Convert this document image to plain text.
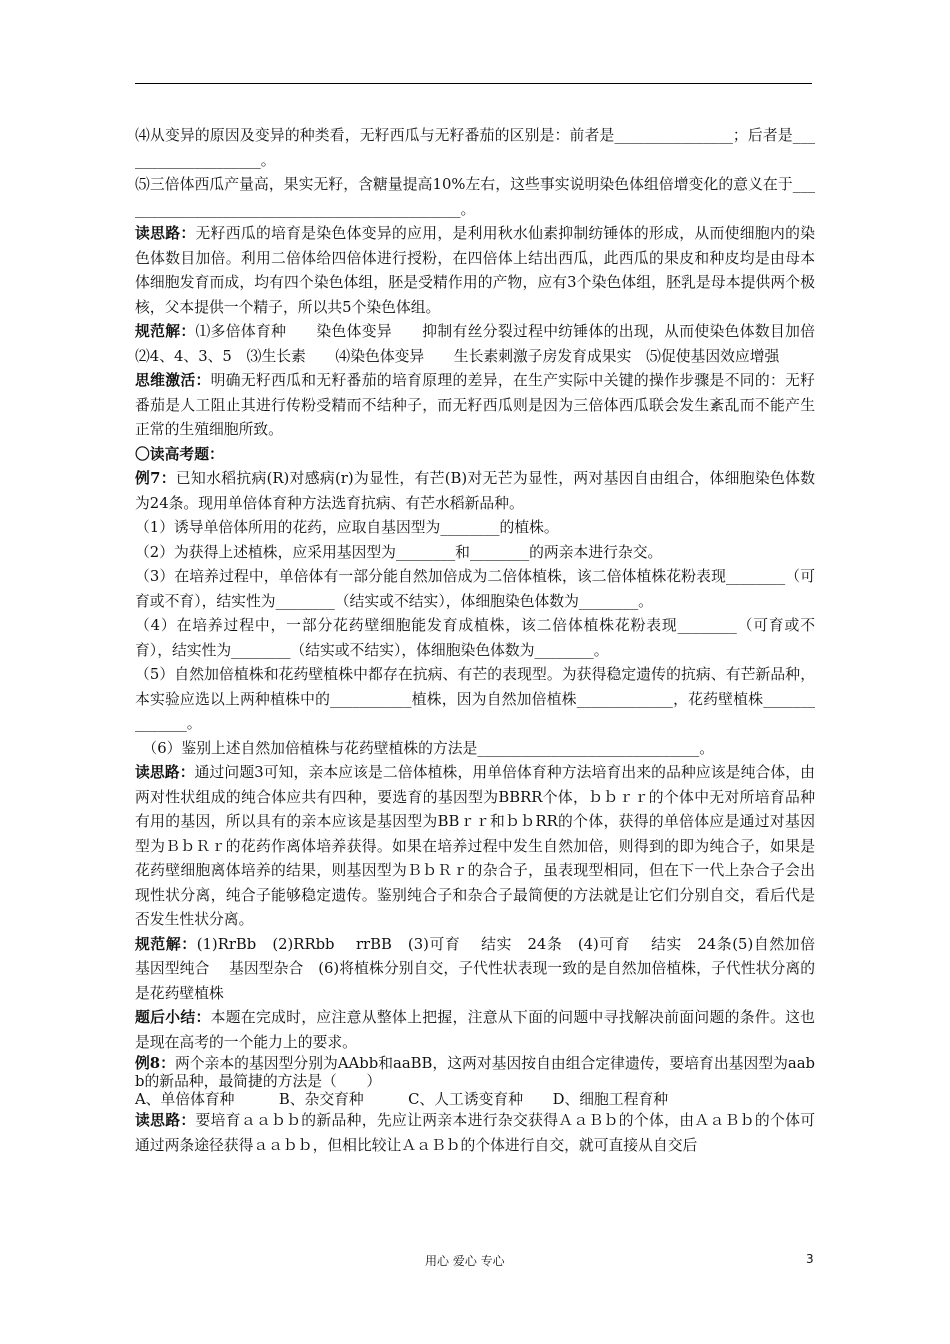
⑷从变异的原因及变异的种类看，无籽西瓜与无籽番茄的区别是：前者是________________；后者是____________________。

⑸三倍体西瓜产量高，果实无籽，含糖量提高10%左右，这些事实说明染色体组倍增变化的意义在于_______________________________________________。

读思路：无籽西瓜的培育是染色体变异的应用，是利用秋水仙素抑制纺锤体的形成，从而使细胞内的染色体数目加倍。利用二倍体给四倍体进行授粉，在四倍体上结出西瓜，此西瓜的果皮和种皮均是由母本体细胞发育而成，均有四个染色体组，胚是受精作用的产物，应有3个染色体组，胚乳是母本提供两个极核，父本提供一个精子，所以共5个染色体组。

规范解：⑴多倍体育种　　染色体变异　　抑制有丝分裂过程中纺锤体的出现，从而使染色体数目加倍　　⑵4、4、3、5　⑶生长素　　⑷染色体变异　　生长素刺激子房发育成果实　⑸促使基因效应增强

思维激活：明确无籽西瓜和无籽番茄的培育原理的差异，在生产实际中关键的操作步骤是不同的：无籽番茄是人工阻止其进行传粉受精而不结种子，而无籽西瓜则是因为三倍体西瓜联会发生紊乱而不能产生正常的生殖细胞所致。

〇读高考题：

例7：已知水稻抗病(R)对感病(r)为显性，有芒(B)对无芒为显性，两对基因自由组合，体细胞染色体数为24条。现用单倍体育种方法选育抗病、有芒水稻新品种。

（1）诱导单倍体所用的花药，应取自基因型为________的植株。

（2）为获得上述植株，应采用基因型为________和________的两亲本进行杂交。

（3）在培养过程中，单倍体有一部分能自然加倍成为二倍体植株，该二倍体植株花粉表现________（可育或不育），结实性为________（结实或不结实），体细胞染色体数为________。

（4）在培养过程中，一部分花药壁细胞能发育成植株，该二倍体植株花粉表现________（可育或不育），结实性为________（结实或不结实），体细胞染色体数为________。

（5）自然加倍植株和花药壁植株中都存在抗病、有芒的表现型。为获得稳定遗传的抗病、有芒新品种，本实验应选以上两种植株中的___________植株，因为自然加倍植株_____________，花药壁植株______________。

　（6）鉴别上述自然加倍植株与花药壁植株的方法是______________________________。

读思路：通过问题3可知，亲本应该是二倍体植株，用单倍体育种方法培育出来的品种应该是纯合体，由两对性状组成的纯合体应共有四种，要选育的基因型为BBRR个体，ｂｂｒｒ的个体中无对所培育品种有用的基因，所以具有的亲本应该是基因型为BBｒｒ和ｂｂRR的个体，获得的单倍体应是通过对基因型为ＢｂＲｒ的花药作离体培养获得。如果在培养过程中发生自然加倍，则得到的即为纯合子，如果是花药壁细胞离体培养的结果，则基因型为ＢｂＲｒ的杂合子，虽表现型相同，但在下一代上杂合子会出现性状分离，纯合子能够稳定遗传。鉴别纯合子和杂合子最简便的方法就是让它们分别自交，看后代是否发生性状分离。

规范解：(1)RrBb　(2)RRbb　 rrBB　(3)可育　 结实　24条　(4)可育　 结实　24条(5)自然加倍　 基因型纯合　 基因型杂合　(6)将植株分别自交，子代性状表现一致的是自然加倍植株，子代性状分离的是花药壁植株

题后小结：本题在完成时，应注意从整体上把握，注意从下面的问题中寻找解决前面问题的条件。这也是现在高考的一个能力上的要求。

例8：两个亲本的基因型分别为AAbb和aaBB，这两对基因按自由组合定律遗传，要培育出基因型为aabb的新品种，最简捷的方法是（　　）

A、单倍体育种　　　B、杂交育种　　　C、人工诱变育种　　D、细胞工程育种

读思路：要培育ａａｂｂ的新品种，先应让两亲本进行杂交获得ＡａＢｂ的个体，由ＡａＢｂ的个体可通过两条途径获得ａａｂｂ，但相比较让ＡａＢｂ的个体进行自交，就可直接从自交后

用心 爱心 专心	3
